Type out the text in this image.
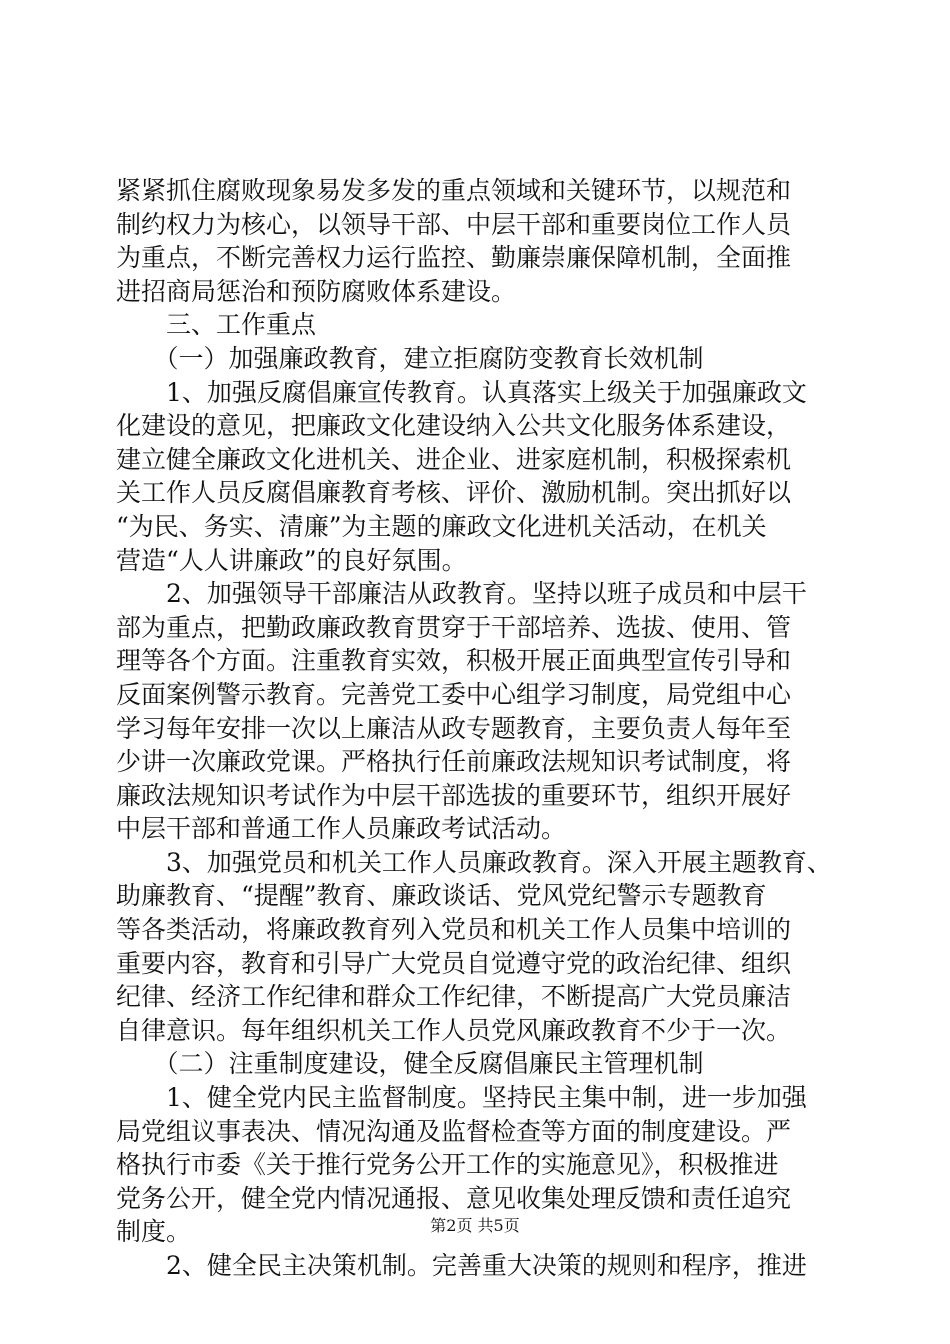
紧紧抓住腐败现象易发多发的重点领域和关键环节，以规范和
制约权力为核心，以领导干部、中层干部和重要岗位工作人员
为重点，不断完善权力运行监控、勤廉崇廉保障机制，全面推
进招商局惩治和预防腐败体系建设。
　　三、工作重点
　　（一）加强廉政教育，建立拒腐防变教育长效机制
　　1、加强反腐倡廉宣传教育。认真落实上级关于加强廉政文
化建设的意见，把廉政文化建设纳入公共文化服务体系建设，
建立健全廉政文化进机关、进企业、进家庭机制，积极探索机
关工作人员反腐倡廉教育考核、评价、激励机制。突出抓好以
“为民、务实、清廉”为主题的廉政文化进机关活动，在机关
营造“人人讲廉政”的良好氛围。
　　2、加强领导干部廉洁从政教育。坚持以班子成员和中层干
部为重点，把勤政廉政教育贯穿于干部培养、选拔、使用、管
理等各个方面。注重教育实效，积极开展正面典型宣传引导和
反面案例警示教育。完善党工委中心组学习制度，局党组中心
学习每年安排一次以上廉洁从政专题教育，主要负责人每年至
少讲一次廉政党课。严格执行任前廉政法规知识考试制度，将
廉政法规知识考试作为中层干部选拔的重要环节，组织开展好
中层干部和普通工作人员廉政考试活动。
　　3、加强党员和机关工作人员廉政教育。深入开展主题教育、
助廉教育、“提醒”教育、廉政谈话、党风党纪警示专题教育
等各类活动，将廉政教育列入党员和机关工作人员集中培训的
重要内容，教育和引导广大党员自觉遵守党的政治纪律、组织
纪律、经济工作纪律和群众工作纪律，不断提高广大党员廉洁
自律意识。每年组织机关工作人员党风廉政教育不少于一次。
　　（二）注重制度建设，健全反腐倡廉民主管理机制
　　1、健全党内民主监督制度。坚持民主集中制，进一步加强
局党组议事表决、情况沟通及监督检查等方面的制度建设。严
格执行市委《关于推行党务公开工作的实施意见》，积极推进
党务公开，健全党内情况通报、意见收集处理反馈和责任追究
制度。
　　2、健全民主决策机制。完善重大决策的规则和程序，推进
第2页 共5页
